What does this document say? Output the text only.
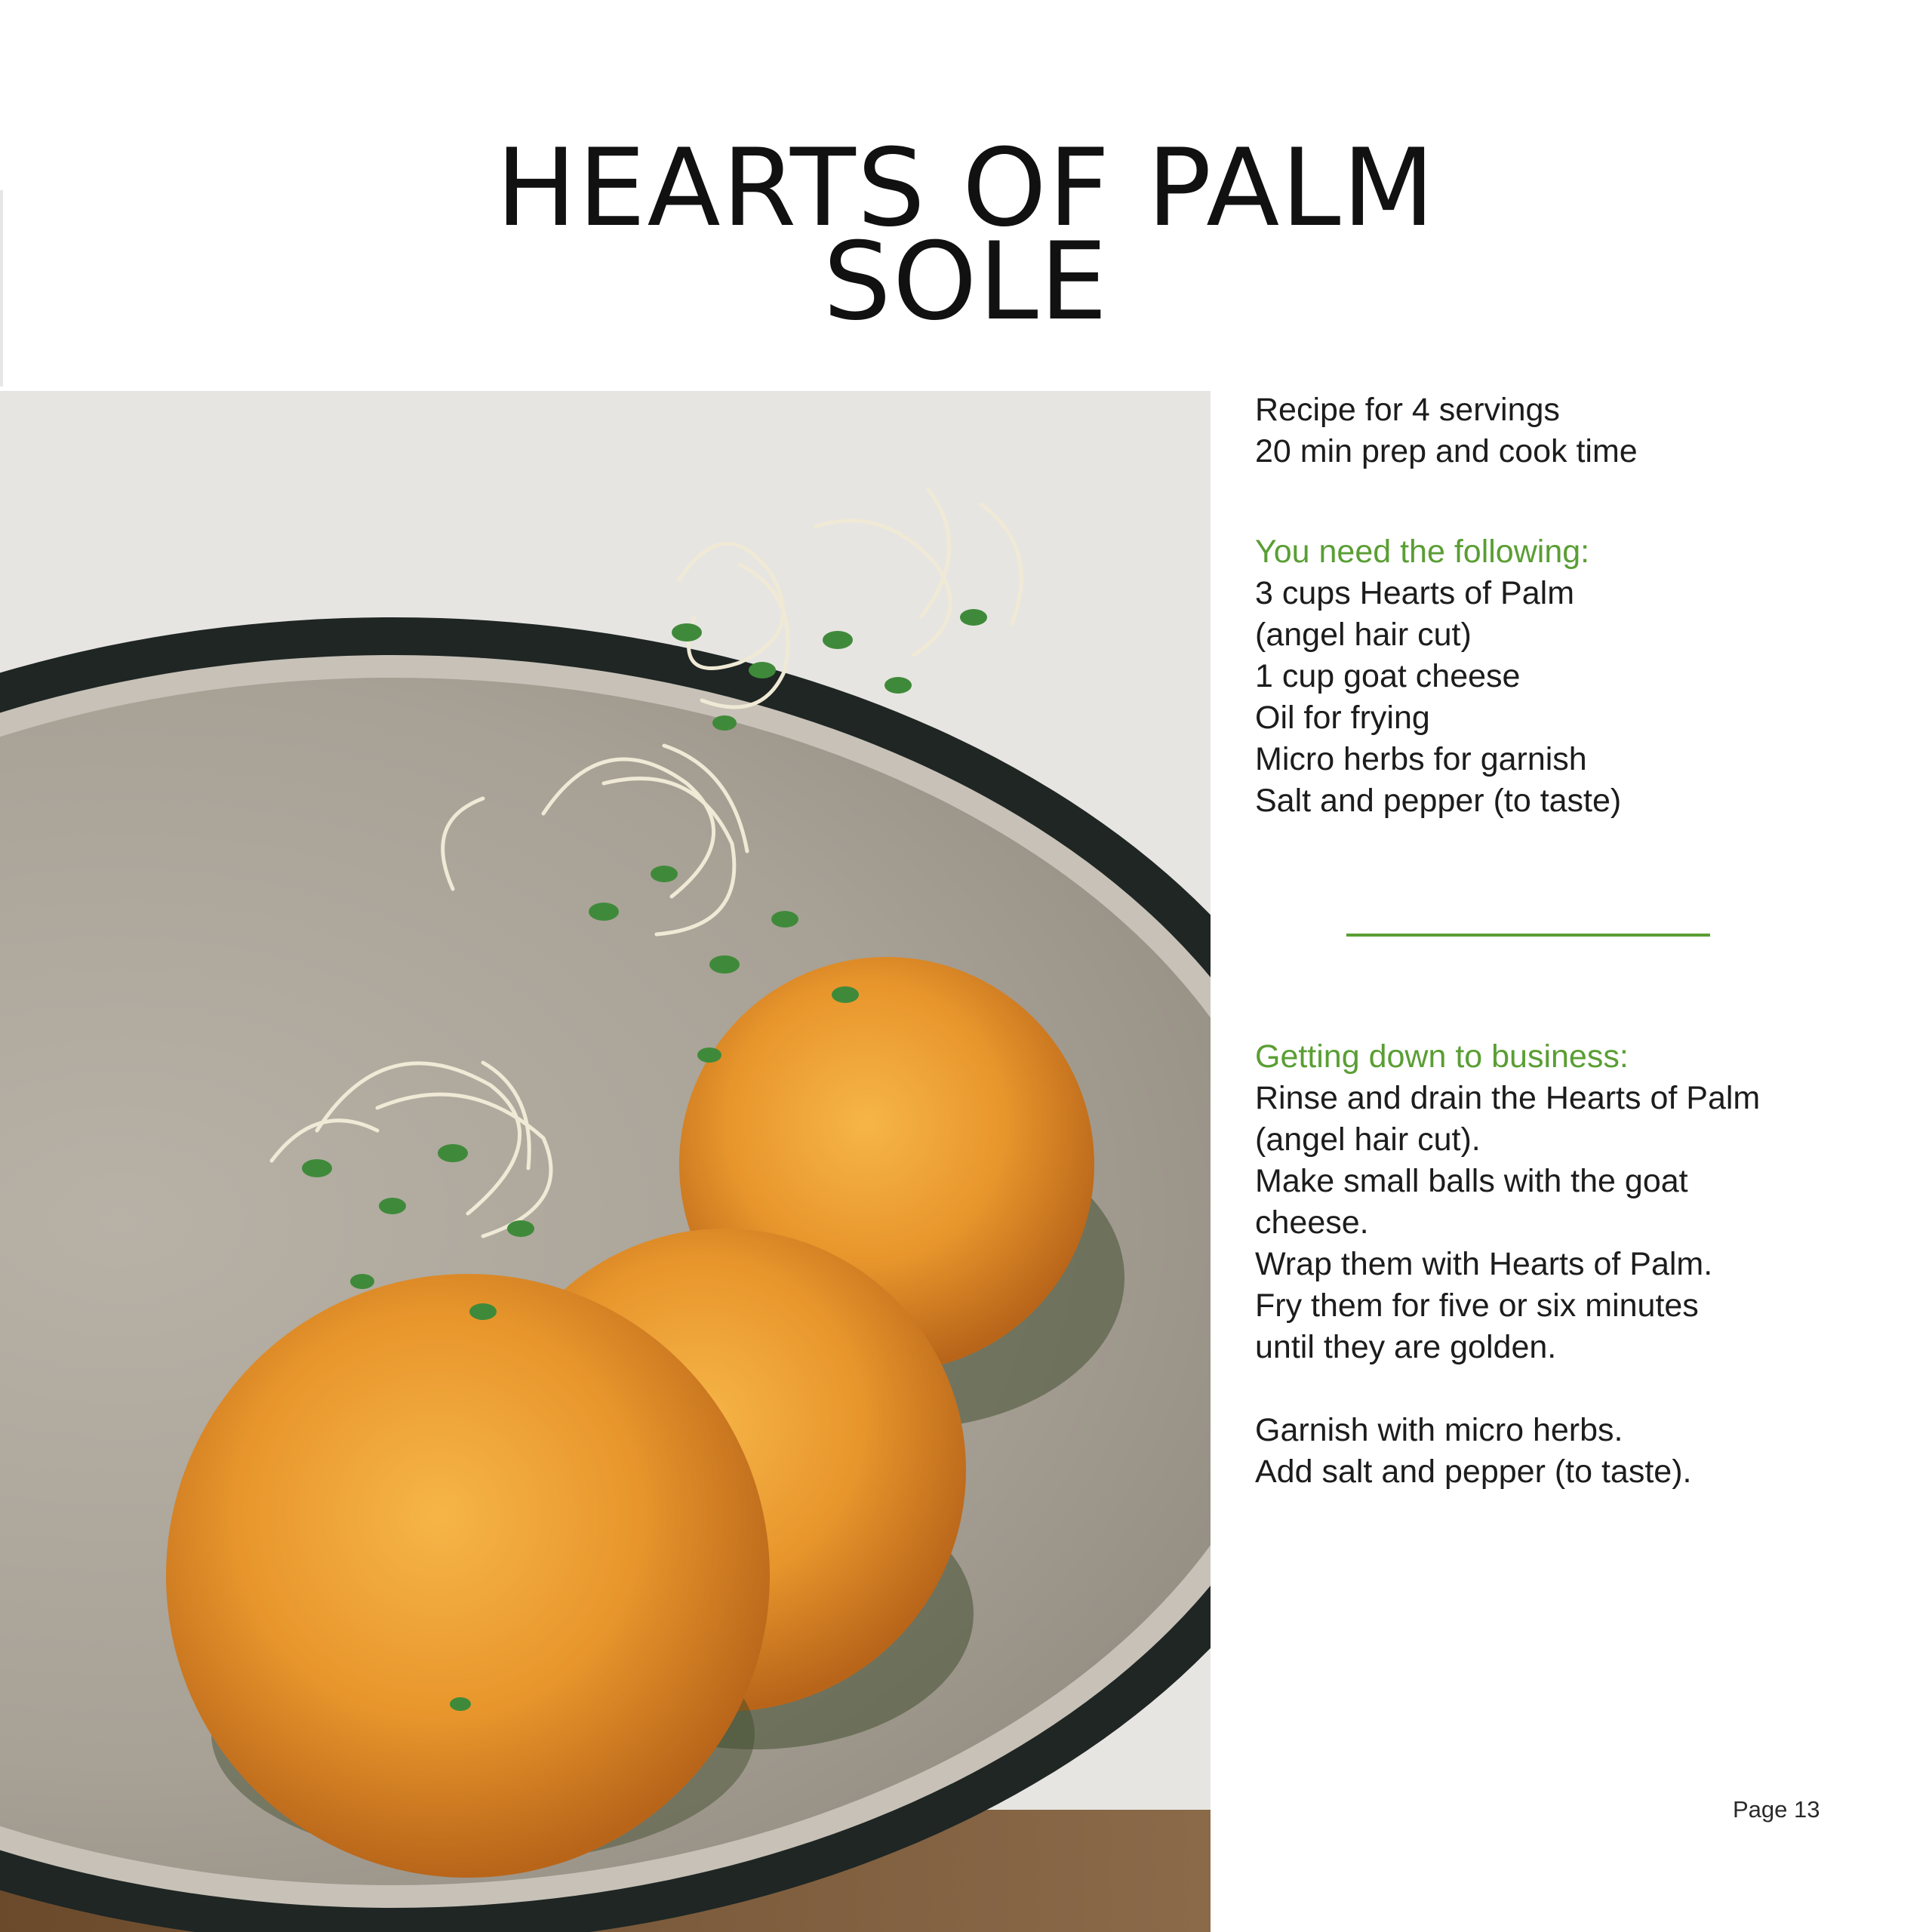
HEARTS OF PALM
SOLE
Recipe for 4 servings
20 min prep and cook time
You need the following:
3 cups Hearts of Palm
(angel hair cut)
1 cup goat cheese
Oil for frying
Micro herbs for garnish
Salt and pepper (to taste)
Getting down to business:
Rinse and drain the Hearts of Palm
(angel hair cut).
Make small balls with the goat
cheese.
Wrap them with Hearts of Palm.
Fry them for five or six minutes
until they are golden.
Garnish with micro herbs.
Add salt and pepper (to taste).
Page 13
